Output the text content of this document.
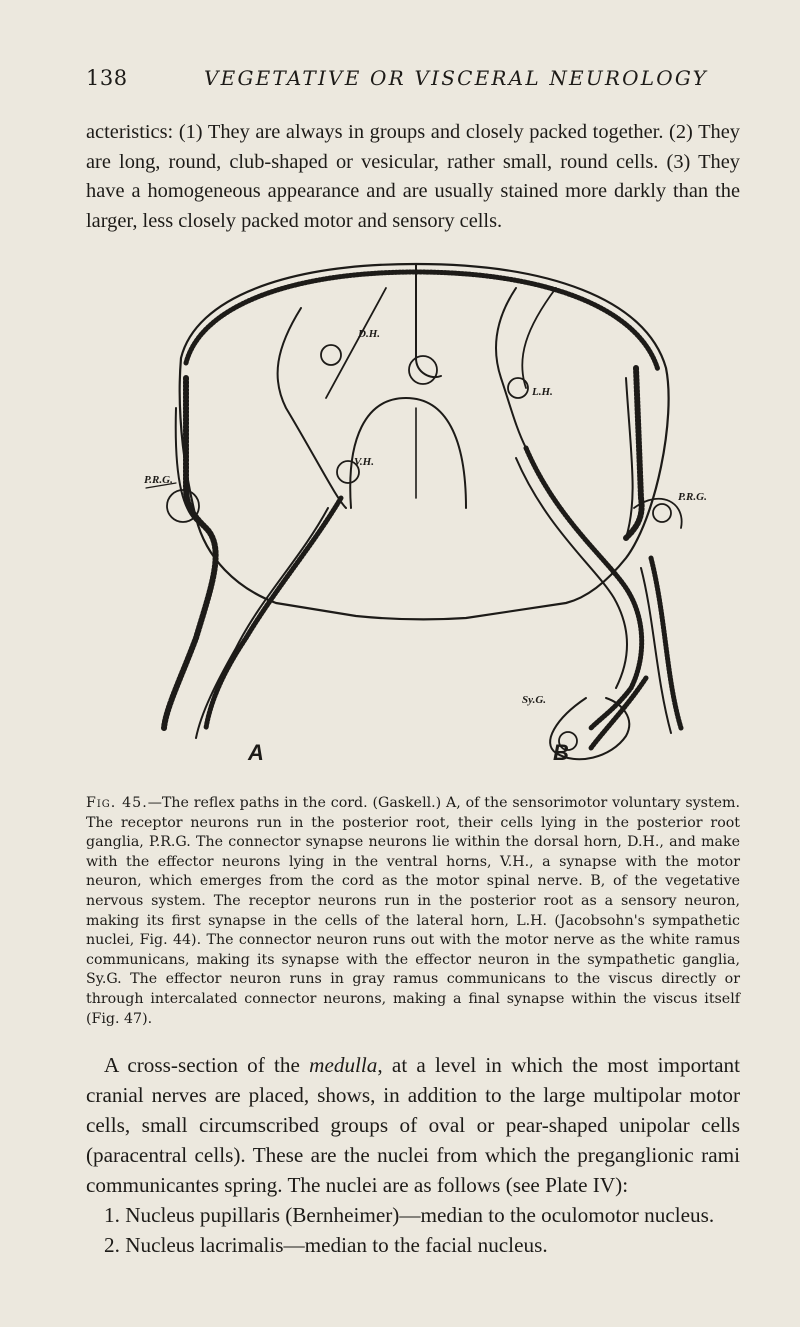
138	VEGETATIVE OR VISCERAL NEUROLOGY

acteristics: (1) They are always in groups and closely packed together. (2) They are long, round, club-shaped or vesicular, rather small, round cells. (3) They have a homogeneous appearance and are usually stained more darkly than the larger, less closely packed motor and sensory cells.

D.H.
L.H.
V.H.
P.R.G.
P.R.G.
Sy.G.
A	B

Fig. 45.—The reflex paths in the cord. (Gaskell.) A, of the sensorimotor voluntary system. The receptor neurons run in the posterior root, their cells lying in the posterior root ganglia, P.R.G. The connector synapse neurons lie within the dorsal horn, D.H., and make with the effector neurons lying in the ventral horns, V.H., a synapse with the motor neuron, which emerges from the cord as the motor spinal nerve. B, of the vegetative nervous system. The receptor neurons run in the posterior root as a sensory neuron, making its first synapse in the cells of the lateral horn, L.H. (Jacobsohn's sympathetic nuclei, Fig. 44). The connector neuron runs out with the motor nerve as the white ramus communicans, making its synapse with the effector neuron in the sympathetic ganglia, Sy.G. The effector neuron runs in gray ramus communicans to the viscus directly or through intercalated connector neurons, making a final synapse within the viscus itself (Fig. 47).

A cross-section of the medulla, at a level in which the most important cranial nerves are placed, shows, in addition to the large multipolar motor cells, small circumscribed groups of oval or pear-shaped unipolar cells (paracentral cells). These are the nuclei from which the preganglionic rami communicantes spring. The nuclei are as follows (see Plate IV):
1. Nucleus pupillaris (Bernheimer)—median to the oculomotor nucleus.
2. Nucleus lacrimalis—median to the facial nucleus.
